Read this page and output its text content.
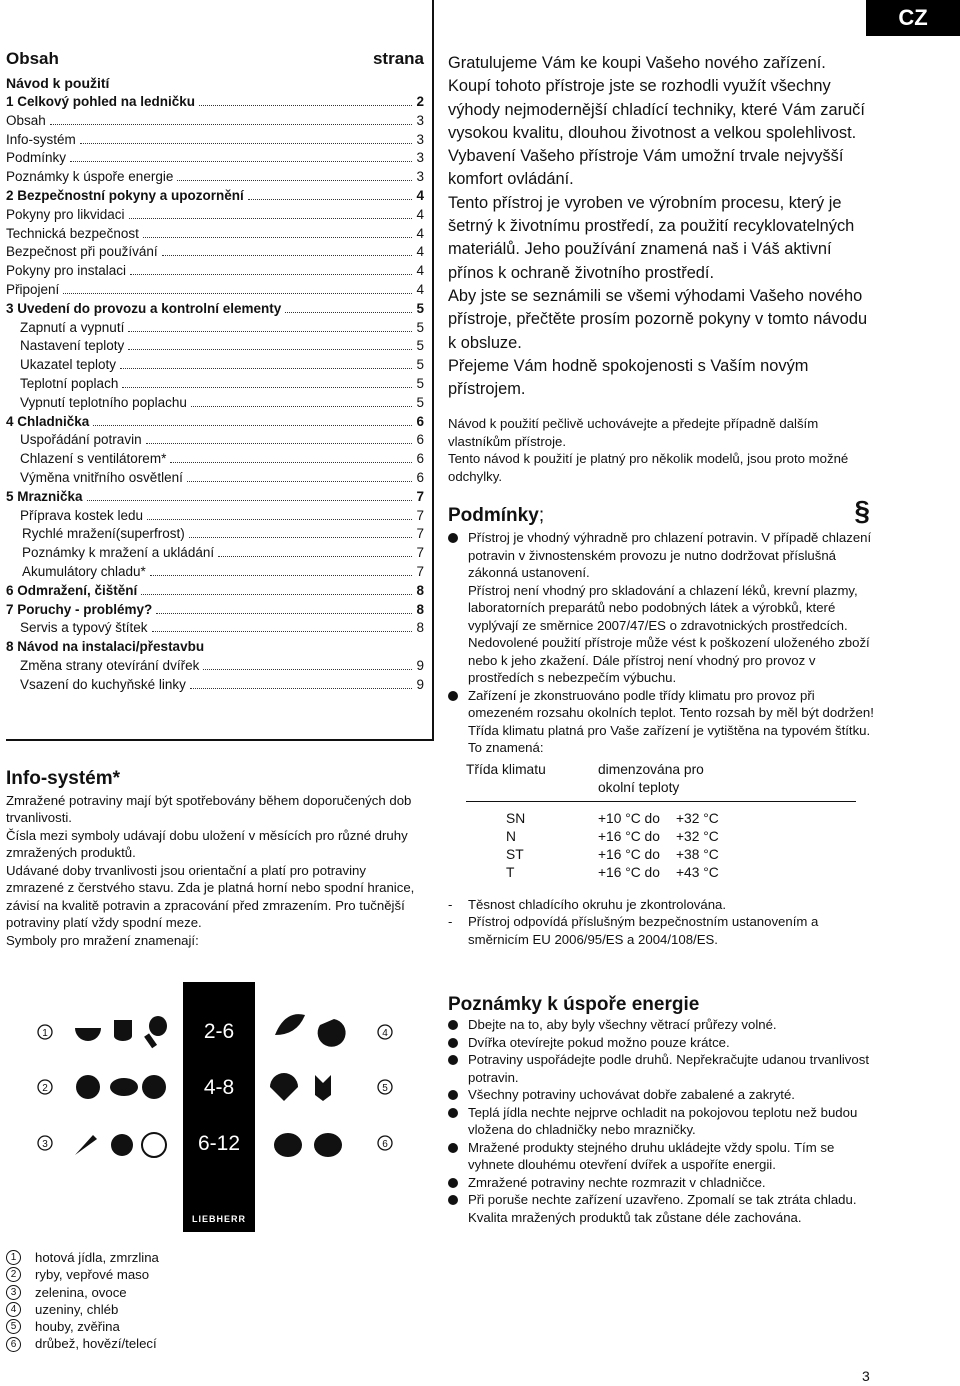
CZ
Obsah	strana
Návod k použití
1 Celkový pohled na ledničku	2
Obsah	3
Info-systém	3
Podmínky	3
Poznámky k úspoře energie	3
2 Bezpečnostní pokyny a upozornění	4
Pokyny pro likvidaci	4
Technická bezpečnost	4
Bezpečnost při používání	4
Pokyny pro instalaci	4
Připojení	4
3 Uvedení do provozu a kontrolní elementy	5
Zapnutí a vypnutí	5
Nastavení teploty	5
Ukazatel teploty	5
Teplotní poplach	5
Vypnutí teplotního poplachu	5
4 Chladnička	6
Uspořádání potravin	6
Chlazení s ventilátorem*	6
Výměna vnitřního osvětlení	6
5 Mraznička	7
Příprava kostek ledu	7
Rychlé mražení(superfrost)	7
Poznámky k mražení a ukládání	7
Akumulátory chladu*	7
6 Odmražení, čištění	8
7 Poruchy - problémy?	8
Servis a typový štítek	8
8 Návod na instalaci/přestavbu
Změna strany otevírání dvířek	9
Vsazení do kuchyňské linky	9
Info-systém*

Zmražené potraviny mají být spotřebovány během doporučených dob trvanlivosti.

Čísla mezi symboly udávají dobu uložení v měsících pro různé druhy zmražených produktů.

Udávané doby trvanlivosti jsou orientační a platí pro potraviny zmrazené z čerstvého stavu. Zda je platná horní nebo spodní hranice, závisí na kvalitě potravin a zpracování před zmrazením. Pro tučnější potraviny platí vždy spodní meze.

Symboly pro mražení znamenají:

1
2
3
4
5
6
2-6
4-8
6-12
LIEBHERR
1	hotová jídla, zmrzlina
2	ryby, vepřové maso
3	zelenina, ovoce
4	uzeniny, chléb
5	houby, zvěřina
6	drůbež, hovězí/telecí

Gratulujeme Vám ke koupi Vašeho nového zařízení.

Koupí tohoto přístroje jste se rozhodli využít všechny výhody nejmodernější chladící techniky, které Vám zaručí vysokou kvalitu, dlouhou životnost a velkou spolehlivost.

Vybavení Vašeho přístroje Vám umožní trvale nejvyšší komfort ovládání.

Tento přístroj je vyroben ve výrobním procesu, který je šetrný k životnímu prostředí, za použití recyklovatelných materiálů. Jeho používání znamená naš i Váš aktivní přínos k ochraně životního prostředí.

Aby jste se seznámili se všemi výhodami Vašeho nového přístroje, přečtěte prosím pozorně pokyny v tomto návodu k obsluze.

Přejeme Vám hodně spokojenosti s Vaším novým přístrojem.

Návod k použití pečlivě uchovávejte a předejte případně dalším vlastníkům přístroje.

Tento návod k použití je platný pro několik modelů, jsou proto možné odchylky.

Podmínky;	§
Přístroj je vhodný výhradně pro chlazení potravin. V případě chlazení potravin v živnostenském provozu je nutno dodržovat příslušná zákonná ustanovení.
Přístroj není vhodný pro skladování a chlazení léků, krevní plazmy, laboratorních preparátů nebo podobných látek a výrobků, které vyplývají ze směrnice 2007/47/ES o zdravotnických prostředcích. Nedovolené použití přístroje může vést k poškození uloženého zboží nebo k jeho zkažení. Dále přístroj není vhodný pro provoz v prostředích s nebezpečím výbuchu.
Zařízení je zkonstruováno podle třídy klimatu pro provoz při omezeném rozsahu okolních teplot. Tento rozsah by měl být dodržen! Třída klimatu platná pro Vaše zařízení je vytištěna na typovém štítku. To znamená:
Třída klimatu	dimenzována pro
okolní teploty
SN	+10 °C do	+32 °C
N	+16 °C do	+32 °C
ST	+16 °C do	+38 °C
T	+16 °C do	+43 °C
- Těsnost chladícího okruhu je zkontrolována.
- Přístroj odpovídá příslušným bezpečnostním ustanovením a směrnicím EU 2006/95/ES a 2004/108/ES.
Poznámky k úspoře energie
Dbejte na to, aby byly všechny větrací průřezy volné.
Dvířka otevírejte pokud možno pouze krátce.
Potraviny uspořádejte podle druhů. Nepřekračujte udanou trvanlivost potravin.
Všechny potraviny uchovávat dobře zabalené a zakryté.
Teplá jídla nechte nejprve ochladit na pokojovou teplotu než budou vložena do chladničky nebo mrazničky.
Mražené produkty stejného druhu ukládejte vždy spolu. Tím se vyhnete dlouhému otevření dvířek a uspoříte energii.
Zmražené potraviny nechte rozmrazit v chladničce.
Při poruše nechte zařízení uzavřeno. Zpomalí se tak ztráta chladu. Kvalita mražených produktů tak zůstane déle zachována.
3
